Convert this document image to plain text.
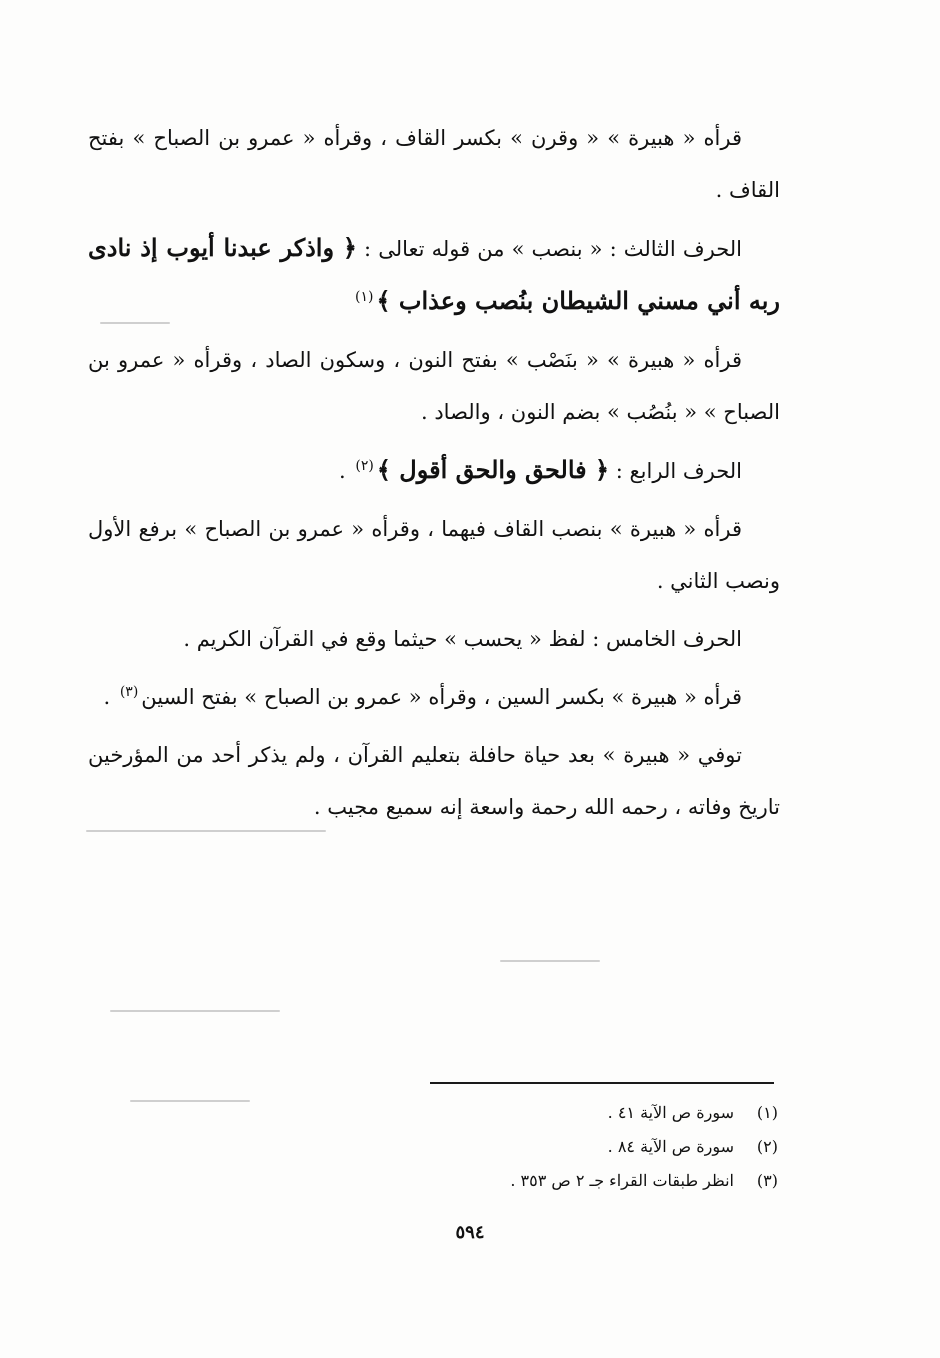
قرأه « هبيرة » « وقرن » بكسر القاف ، وقرأه « عمرو بن الصباح » بفتح القاف .

الحرف الثالث : « بنصب » من قوله تعالى : ﴿ واذكر عبدنا أيوب إذ نادى ربه أني مسني الشيطان بنُصب وعذاب ﴾$^{(١)}$

قرأه « هبيرة » « بنَصْب » بفتح النون ، وسكون الصاد ، وقرأه « عمرو بن الصباح » « بنُصُب » بضم النون ، والصاد .

الحرف الرابع : ﴿ فالحق والحق أقول ﴾$^{(٢)}$ .

قرأه « هبيرة » بنصب القاف فيهما ، وقرأه « عمرو بن الصباح » برفع الأول ونصب الثاني .

الحرف الخامس : لفظ « يحسب » حيثما وقع في القرآن الكريم .

قرأه « هبيرة » بكسر السين ، وقرأه « عمرو بن الصباح » بفتح السين$^{(٣)}$ .

توفي « هبيرة » بعد حياة حافلة بتعليم القرآن ، ولم يذكر أحد من المؤرخين تاريخ وفاته ، رحمه الله رحمة واسعة إنه سميع مجيب .

(١)
سورة ص الآية ٤١ .
(٢)
سورة ص الآية ٨٤ .
(٣)
انظر طبقات القراء جـ ٢ ص ٣٥٣ .
٥٩٤
